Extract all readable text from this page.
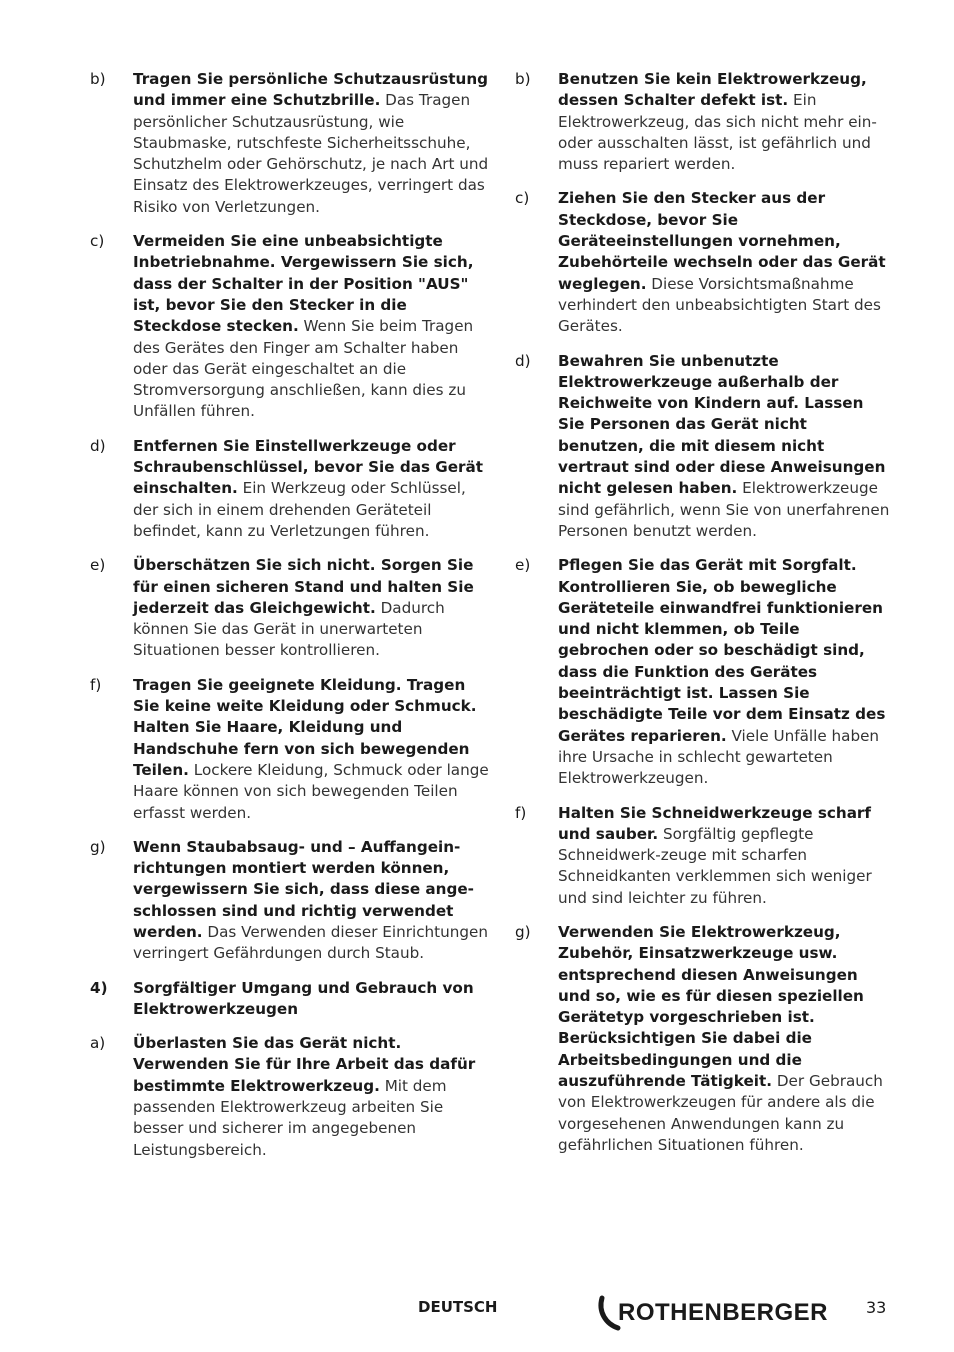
b)	Tragen Sie persönliche Schutzausrüstung und immer eine Schutzbrille. Das Tragen persönlicher Schutzausrüstung, wie Staubmaske, rutschfeste Sicherheitsschuhe, Schutzhelm oder Gehörschutz, je nach Art und Einsatz des Elektrowerkzeuges, verringert das Risiko von Verletzungen.
c)	Vermeiden Sie eine unbeabsichtigte Inbetriebnahme. Vergewissern Sie sich, dass der Schalter in der Position "AUS" ist, bevor Sie den Stecker in die Steckdose stecken. Wenn Sie beim Tragen des Gerätes den Finger am Schalter haben oder das Gerät eingeschaltet an die Stromversorgung anschließen, kann dies zu Unfällen führen.
d)	Entfernen Sie Einstellwerkzeuge oder Schraubenschlüssel, bevor Sie das Gerät einschalten. Ein Werkzeug oder Schlüssel, der sich in einem drehenden Geräteteil befindet, kann zu Verletzungen führen.
e)	Überschätzen Sie sich nicht. Sorgen Sie für einen sicheren Stand und halten Sie jederzeit das Gleichgewicht. Dadurch können Sie das Gerät in unerwarteten Situationen besser kontrollieren.
f)	Tragen Sie geeignete Kleidung. Tragen Sie keine weite Kleidung oder Schmuck. Halten Sie Haare, Kleidung und Handschuhe fern von sich bewegenden Teilen. Lockere Kleidung, Schmuck oder lange Haare können von sich bewegenden Teilen erfasst werden.
g)	Wenn Staubabsaug- und – Auffangein-richtungen montiert werden können, vergewissern Sie sich, dass diese ange-schlossen sind und richtig verwendet werden. Das Verwenden dieser Einrichtungen verringert Gefährdungen durch Staub.
4)	Sorgfältiger Umgang und Gebrauch von Elektrowerkzeugen
a)	Überlasten Sie das Gerät nicht. Verwenden Sie für Ihre Arbeit das dafür bestimmte Elektrowerkzeug. Mit dem passenden Elektrowerkzeug arbeiten Sie besser und sicherer im angegebenen Leistungsbereich.
b)	Benutzen Sie kein Elektrowerkzeug, dessen Schalter defekt ist. Ein Elektrowerkzeug, das sich nicht mehr ein- oder ausschalten lässt, ist gefährlich und muss repariert werden.
c)	Ziehen Sie den Stecker aus der Steckdose, bevor Sie Geräteeinstellungen vornehmen, Zubehörteile wechseln oder das Gerät weglegen. Diese Vorsichtsmaßnahme verhindert den unbeabsichtigten Start des Gerätes.
d)	Bewahren Sie unbenutzte Elektrowerkzeuge außerhalb der Reichweite von Kindern auf. Lassen Sie Personen das Gerät nicht benutzen, die mit diesem nicht vertraut sind oder diese Anweisungen nicht gelesen haben. Elektrowerkzeuge sind gefährlich, wenn Sie von unerfahrenen Personen benutzt werden.
e)	Pflegen Sie das Gerät mit Sorgfalt. Kontrollieren Sie, ob bewegliche Geräteteile einwandfrei funktionieren und nicht klemmen, ob Teile gebrochen oder so beschädigt sind, dass die Funktion des Gerätes beeinträchtigt ist. Lassen Sie beschädigte Teile vor dem Einsatz des Gerätes reparieren. Viele Unfälle haben ihre Ursache in schlecht gewarteten Elektrowerkzeugen.
f)	Halten Sie Schneidwerkzeuge scharf und sauber. Sorgfältig gepflegte Schneidwerk-zeuge mit scharfen Schneidkanten verklemmen sich weniger und sind leichter zu führen.
g)	Verwenden Sie Elektrowerkzeug, Zubehör, Einsatzwerkzeuge usw. entsprechend diesen Anweisungen und so, wie es für diesen speziellen Gerätetyp vorgeschrieben ist. Berücksichtigen Sie dabei die Arbeitsbedingungen und die auszuführende Tätigkeit. Der Gebrauch von Elektrowerkzeugen für andere als die vorgesehenen Anwendungen kann zu gefährlichen Situationen führen.
DEUTSCH	ROTHENBERGER 33
